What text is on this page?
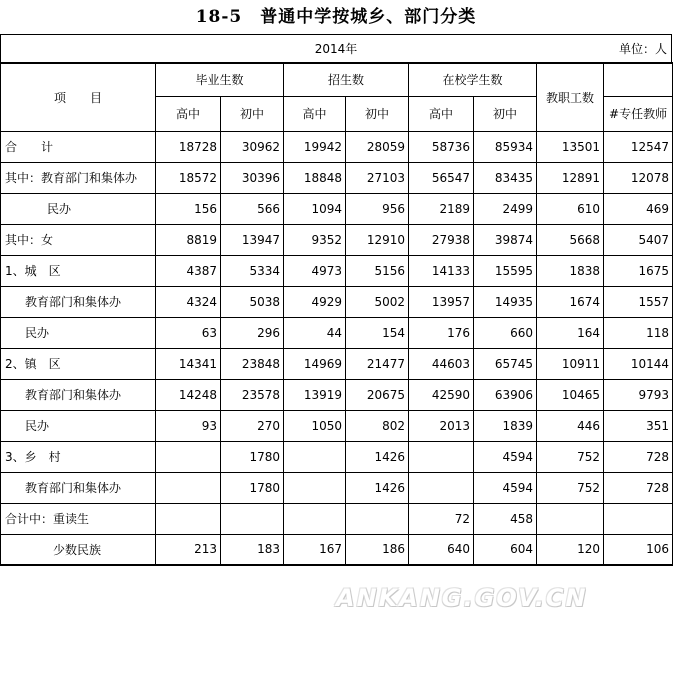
18-5　普通中学按城乡、部门分类
2014年	单位：人
项　　目	毕业生数		招生数		在校学生数		教职工数	
	高中	初中	高中	初中	高中	初中		#专任教师
合　　计	18728	30962	19942	28059	58736	85934	13501	12547
其中：教育部门和集体办	18572	30396	18848	27103	56547	83435	12891	12078
民办	156	566	1094	956	2189	2499	610	469
其中：女	8819	13947	9352	12910	27938	39874	5668	5407
1、城　区	4387	5334	4973	5156	14133	15595	1838	1675
教育部门和集体办	4324	5038	4929	5002	13957	14935	1674	1557
民办	63	296	44	154	176	660	164	118
2、镇　区	14341	23848	14969	21477	44603	65745	10911	10144
教育部门和集体办	14248	23578	13919	20675	42590	63906	10465	9793
民办	93	270	1050	802	2013	1839	446	351
3、乡　村		1780		1426		4594	752	728
教育部门和集体办		1780		1426		4594	752	728
合计中：重读生					72	458		
少数民族	213	183	167	186	640	604	120	106
ANKANG.GOV.CN
